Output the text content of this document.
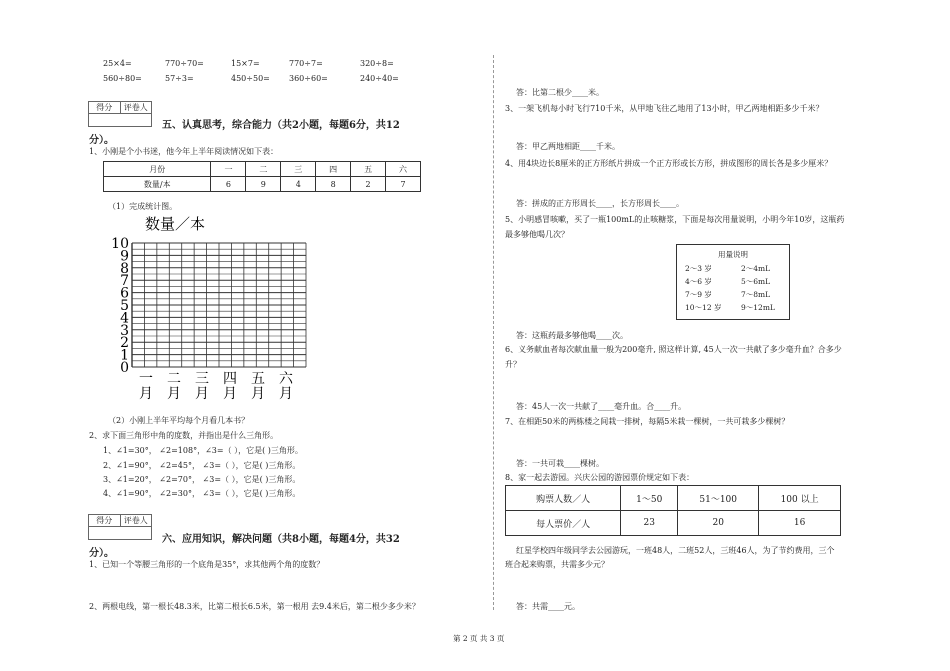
25×4=	770÷70=	15×7=	770÷7=	320÷8=
560÷80=	57÷3=	450÷50= 360÷60=	240÷40=
得分	评卷人
五、认真思考，综合能力（共2小题，每题6分，共12
分）。
1、小刚是个小书迷，他今年上半年阅读情况如下表：
月份	一	二	三	四	五	六
数量/本	6	9	4	8	2	7
（1）完成统计图。
数量／本
0
1
2
3
4
5
6
7
8
9
10
一
月
二
月
三
月
四
月
五
月
六
月
（2）小刚上半年平均每个月看几本书？
2、求下面三角形中角的度数，并指出是什么三角形。
1、∠1=30°， ∠2=108°，∠3=（ ），它是( )三角形。
2、∠1=90°， ∠2=45°， ∠3=（ ），它是( )三角形。
3、∠1=20°， ∠2=70°， ∠3=（ ），它是( )三角形。
4、∠1=90°， ∠2=30°， ∠3=（ ），它是( )三角形。
得分	评卷人
六、应用知识，解决问题（共8小题，每题4分，共32
分）。
1、已知一个等腰三角形的一个底角是35°，求其他两个角的度数？
2、两根电线，第一根长48.3米，比第二根长6.5米，第一根用 去9.4米后，第二根少多少米？
答：比第二根少____米。
3、一架飞机每小时飞行710千米，从甲地飞往乙地用了13小时，甲乙两地相距多少千米？
答：甲乙两地相距____千米。
4、用4块边长8厘米的正方形纸片拼成一个正方形或长方形，拼成图形的周长各是多少厘米？
答：拼成的正方形周长____，长方形周长____。
5、小明感冒咳嗽，买了一瓶100mL的止咳糖浆，下面是每次用量说明，小明今年10岁，这瓶药
最多够他喝几次？
用量说明
2～3 岁	2～4mL
4～6 岁	5～6mL
7～9 岁	7～8mL
10～12 岁	9～12mL
答：这瓶药最多够他喝____次。
6、义务献血者每次献血量一般为200毫升, 照这样计算, 45人一次一共献了多少毫升血？合多少
升？
答：45人一次一共献了____毫升血。合____升。
7、在相距50米的两栋楼之间栽一排树，每隔5米栽一棵树，一共可栽多少棵树？
答：一共可栽____棵树。
8、家一起去游园。兴庆公园的游园票价规定如下表：
购票人数／人	1～50	51～100	100 以上
每人票价／人	23	20	16
红星学校四年级同学去公园游玩，一班48人，二班52人，三班46人，为了节约费用，三个
班合起来购票，共需多少元？
答：共需____元。
第 2 页 共 3 页
